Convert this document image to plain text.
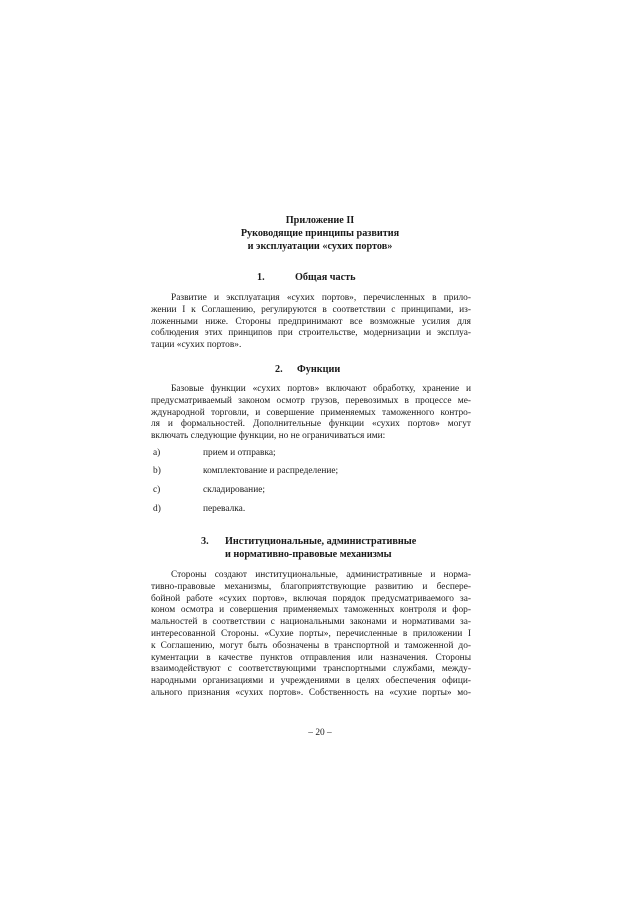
Приложение II
Руководящие принципы развития
и эксплуатации «сухих портов»
1.	Общая часть
Развитие и эксплуатация «сухих портов», перечисленных в прило-
жении I к Соглашению, регулируются в соответствии с принципами, из-
ложенными ниже. Стороны предпринимают все возможные усилия для
соблюдения этих принципов при строительстве, модернизации и эксплуа-
тации «сухих портов».
2. Функции
Базовые функции «сухих портов» включают обработку, хранение и
предусматриваемый законом осмотр грузов, перевозимых в процессе ме-
ждународной торговли, и совершение применяемых таможенного контро-
ля и формальностей. Дополнительные функции «сухих портов» могут
включать следующие функции, но не ограничиваться ими:
a)	прием и отправка;
b)	комплектование и распределение;
c)	складирование;
d)	перевалка.
3. Институциональные, административные
и нормативно-правовые механизмы
Стороны создают институциональные, административные и норма-
тивно-правовые механизмы, благоприятствующие развитию и беспере-
бойной работе «сухих портов», включая порядок предусматриваемого за-
коном осмотра и совершения применяемых таможенных контроля и фор-
мальностей в соответствии с национальными законами и нормативами за-
интересованной Стороны. «Сухие порты», перечисленные в приложении I
к Соглашению, могут быть обозначены в транспортной и таможенной до-
кументации в качестве пунктов отправления или назначения. Стороны
взаимодействуют с соответствующими транспортными службами, между-
народными организациями и учреждениями в целях обеспечения офици-
ального признания «сухих портов». Собственность на «сухие порты» мо-
– 20 –
